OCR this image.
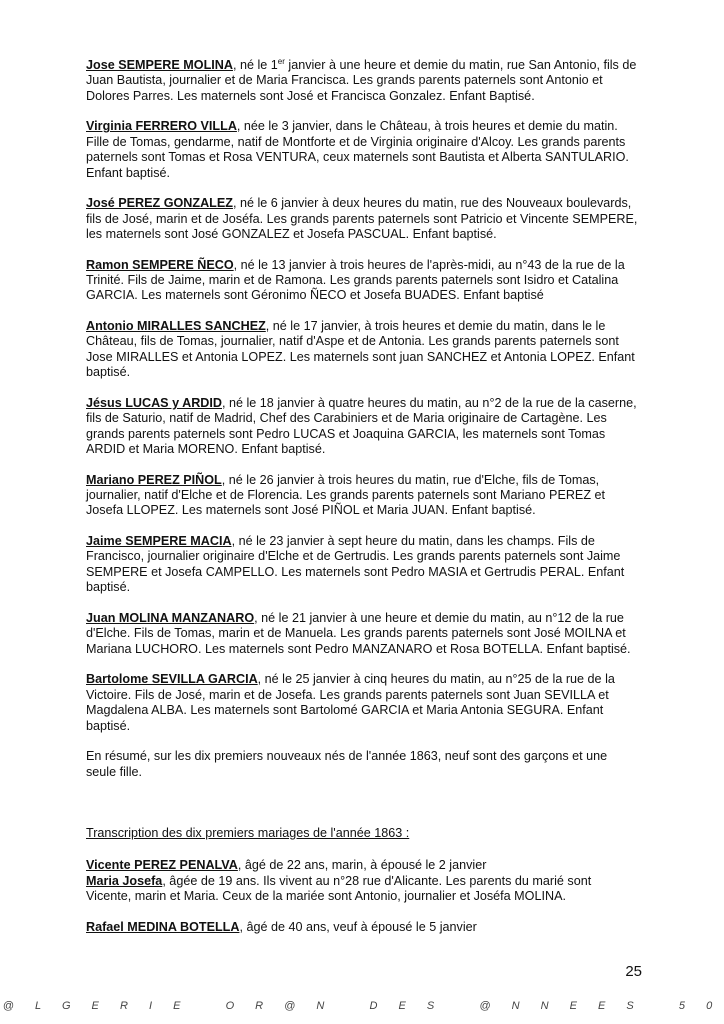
Jose SEMPERE MOLINA, né le 1er janvier à une heure et demie du matin, rue San Antonio, fils de Juan Bautista, journalier et de Maria Francisca. Les grands parents paternels sont Antonio et Dolores Parres. Les maternels sont José et Francisca Gonzalez. Enfant Baptisé.

Virginia FERRERO VILLA, née le 3 janvier, dans le Château, à trois heures et demie du matin. Fille de Tomas, gendarme, natif de Montforte et de Virginia originaire d'Alcoy. Les grands parents paternels sont Tomas et Rosa VENTURA, ceux maternels sont Bautista et Alberta SANTULARIO. Enfant baptisé.

José PEREZ GONZALEZ, né le 6 janvier à deux heures du matin, rue des Nouveaux boulevards, fils de José, marin et de Joséfa. Les grands parents paternels sont Patricio et Vincente SEMPERE, les maternels sont José GONZALEZ et Josefa PASCUAL. Enfant baptisé.

Ramon SEMPERE ÑECO, né le 13 janvier à trois heures de l'après-midi, au n°43 de la rue de la Trinité. Fils de Jaime, marin et de Ramona. Les grands parents paternels sont Isidro et Catalina GARCIA. Les maternels sont Géronimo ÑECO et Josefa BUADES. Enfant baptisé

Antonio MIRALLES SANCHEZ, né le 17 janvier, à trois heures et demie du matin, dans le le Château, fils de Tomas, journalier, natif d'Aspe et de Antonia. Les grands parents paternels sont Jose MIRALLES et Antonia LOPEZ. Les maternels sont juan SANCHEZ et Antonia LOPEZ. Enfant baptisé.

Jésus LUCAS y ARDID, né le 18 janvier à quatre heures du matin, au n°2 de la rue de la caserne, fils de Saturio, natif de Madrid, Chef des Carabiniers et de Maria originaire de Cartagène. Les grands parents paternels sont Pedro LUCAS et Joaquina GARCIA, les maternels sont Tomas ARDID et Maria MORENO. Enfant baptisé.

Mariano PEREZ PIÑOL, né le 26 janvier à trois heures du matin, rue d'Elche, fils de Tomas, journalier, natif d'Elche et de Florencia. Les grands parents paternels sont Mariano PEREZ et Josefa LLOPEZ. Les maternels sont José PIÑOL et Maria JUAN. Enfant baptisé.

Jaime SEMPERE MACIA, né le 23 janvier à sept heure du matin, dans les champs. Fils de Francisco, journalier originaire d'Elche et de Gertrudis. Les grands parents paternels sont Jaime SEMPERE et Josefa CAMPELLO. Les maternels sont Pedro MASIA et Gertrudis PERAL. Enfant baptisé.

Juan MOLINA MANZANARO, né le 21 janvier à une heure et demie du matin, au n°12 de la rue d'Elche. Fils de Tomas, marin et de Manuela. Les grands parents paternels sont José MOILNA et Mariana LUCHORO. Les maternels sont Pedro MANZANARO et Rosa BOTELLA. Enfant baptisé.

Bartolome SEVILLA GARCIA, né le 25 janvier à cinq heures du matin, au n°25 de la rue de la Victoire. Fils de José, marin et de Josefa. Les grands parents paternels sont Juan SEVILLA et Magdalena ALBA. Les maternels sont Bartolomé GARCIA et Maria Antonia SEGURA. Enfant baptisé.

En résumé, sur les dix premiers nouveaux nés de l'année 1863, neuf sont des garçons et une seule fille.

Transcription des dix premiers mariages de l'année 1863 :

Vicente PEREZ PENALVA, âgé de 22 ans, marin, à épousé le 2 janvier

Maria Josefa, âgée de 19 ans. Ils vivent au n°28 rue d'Alicante. Les parents du marié sont Vicente, marin et Maria. Ceux de la mariée sont Antonio, journalier et Joséfa MOLINA.

Rafael MEDINA BOTELLA, âgé de 40 ans, veuf à épousé le 5 janvier

25
@ L G E R I E   O R @ N   D E S   @ N N E E S   5 0
